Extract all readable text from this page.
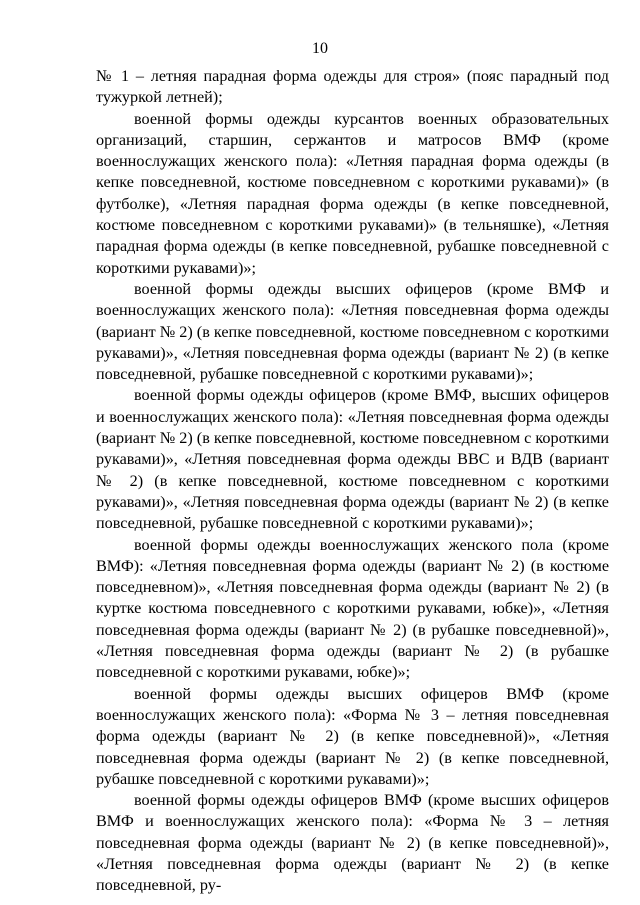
10

№ 1 – летняя парадная форма одежды для строя» (пояс парадный под тужуркой летней);

военной формы одежды курсантов военных образовательных организаций, старшин, сержантов и матросов ВМФ (кроме военнослужащих женского пола): «Летняя парадная форма одежды (в кепке повседневной, костюме повседневном с короткими рукавами)» (в футболке), «Летняя парадная форма одежды (в кепке повседневной, костюме повседневном с короткими рукавами)» (в тельняшке), «Летняя парадная форма одежды (в кепке повседневной, рубашке повседневной с короткими рукавами)»;

военной формы одежды высших офицеров (кроме ВМФ и военнослужащих женского пола): «Летняя повседневная форма одежды (вариант № 2) (в кепке повседневной, костюме повседневном с короткими рукавами)», «Летняя повседневная форма одежды (вариант № 2) (в кепке повседневной, рубашке повседневной с короткими рукавами)»;

военной формы одежды офицеров (кроме ВМФ, высших офицеров и военнослужащих женского пола): «Летняя повседневная форма одежды (вариант № 2) (в кепке повседневной, костюме повседневном с короткими рукавами)», «Летняя повседневная форма одежды ВВС и ВДВ (вариант № 2) (в кепке повседневной, костюме повседневном с короткими рукавами)», «Летняя повседневная форма одежды (вариант № 2) (в кепке повседневной, рубашке повседневной с короткими рукавами)»;

военной формы одежды военнослужащих женского пола (кроме ВМФ): «Летняя повседневная форма одежды (вариант № 2) (в костюме повседневном)», «Летняя повседневная форма одежды (вариант № 2) (в куртке костюма повседневного с короткими рукавами, юбке)», «Летняя повседневная форма одежды (вариант № 2) (в рубашке повседневной)», «Летняя повседневная форма одежды (вариант № 2) (в рубашке повседневной с короткими рукавами, юбке)»;

военной формы одежды высших офицеров ВМФ (кроме военнослужащих женского пола): «Форма № 3 – летняя повседневная форма одежды (вариант № 2) (в кепке повседневной)», «Летняя повседневная форма одежды (вариант № 2) (в кепке повседневной, рубашке повседневной с короткими рукавами)»;

военной формы одежды офицеров ВМФ (кроме высших офицеров ВМФ и военнослужащих женского пола): «Форма № 3 – летняя повседневная форма одежды (вариант № 2) (в кепке повседневной)», «Летняя повседневная форма одежды (вариант № 2) (в кепке повседневной, ру-
